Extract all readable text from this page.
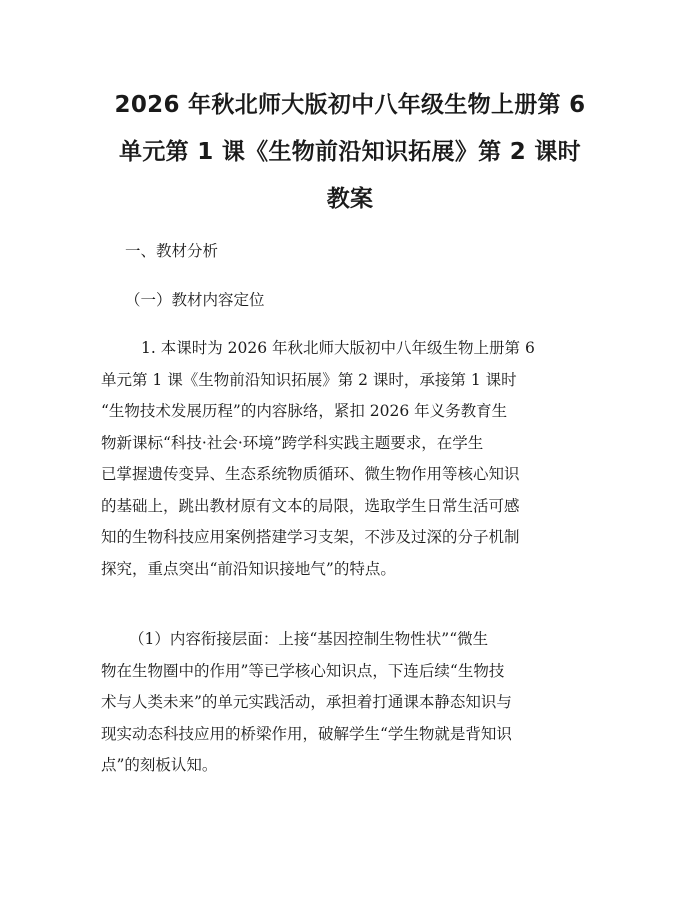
2026 年秋北师大版初中八年级生物上册第 6
单元第 1 课《生物前沿知识拓展》第 2 课时
教案
一、教材分析
（一）教材内容定位
1. 本课时为 2026 年秋北师大版初中八年级生物上册第 6
单元第 1 课《生物前沿知识拓展》第 2 课时，承接第 1 课时
“生物技术发展历程”的内容脉络，紧扣 2026 年义务教育生
物新课标“科技·社会·环境”跨学科实践主题要求，在学生
已掌握遗传变异、生态系统物质循环、微生物作用等核心知识
的基础上，跳出教材原有文本的局限，选取学生日常生活可感
知的生物科技应用案例搭建学习支架，不涉及过深的分子机制
探究，重点突出“前沿知识接地气”的特点。
（1）内容衔接层面：上接“基因控制生物性状”“微生
物在生物圈中的作用”等已学核心知识点，下连后续“生物技
术与人类未来”的单元实践活动，承担着打通课本静态知识与
现实动态科技应用的桥梁作用，破解学生“学生物就是背知识
点”的刻板认知。
